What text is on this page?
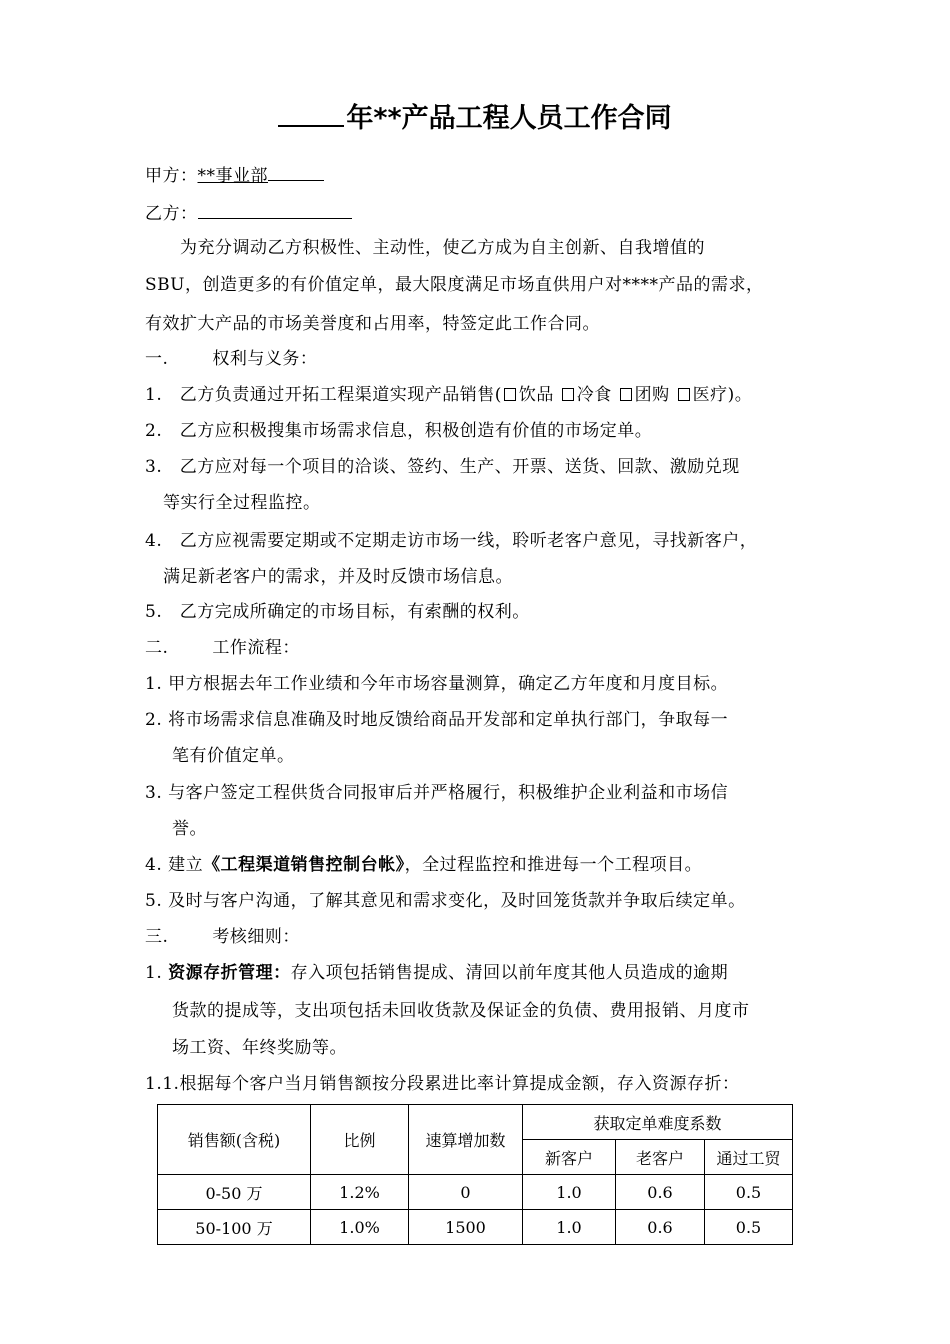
年**产品工程人员工作合同
甲方：**事业部
乙方：
为充分调动乙方积极性、主动性，使乙方成为自主创新、自我增值的
SBU，创造更多的有价值定单，最大限度满足市场直供用户对****产品的需求，
有效扩大产品的市场美誉度和占用率，特签定此工作合同。
一.	权利与义务：
1.　乙方负责通过开拓工程渠道实现产品销售( 饮品 冷食 团购 医疗)。
2.　乙方应积极搜集市场需求信息，积极创造有价值的市场定单。
3.　乙方应对每一个项目的洽谈、签约、生产、开票、送货、回款、激励兑现
等实行全过程监控。
4.　乙方应视需要定期或不定期走访市场一线，聆听老客户意见，寻找新客户，
满足新老客户的需求，并及时反馈市场信息。
5.　乙方完成所确定的市场目标，有索酬的权利。
二.	工作流程：
1. 甲方根据去年工作业绩和今年市场容量测算，确定乙方年度和月度目标。
2. 将市场需求信息准确及时地反馈给商品开发部和定单执行部门，争取每一
笔有价值定单。
3. 与客户签定工程供货合同报审后并严格履行，积极维护企业利益和市场信
誉。
4. 建立《工程渠道销售控制台帐》，全过程监控和推进每一个工程项目。
5. 及时与客户沟通，了解其意见和需求变化，及时回笼货款并争取后续定单。
三.	考核细则：
1. 资源存折管理：存入项包括销售提成、清回以前年度其他人员造成的逾期
货款的提成等，支出项包括未回收货款及保证金的负债、费用报销、月度市
场工资、年终奖励等。
1.1.根据每个客户当月销售额按分段累进比率计算提成金额，存入资源存折：
销售额(含税)	比例	速算增加数	获取定单难度系数		
			新客户	老客户	通过工贸
0-50 万	1.2%	0	1.0	0.6	0.5
50-100 万	1.0%	1500	1.0	0.6	0.5
